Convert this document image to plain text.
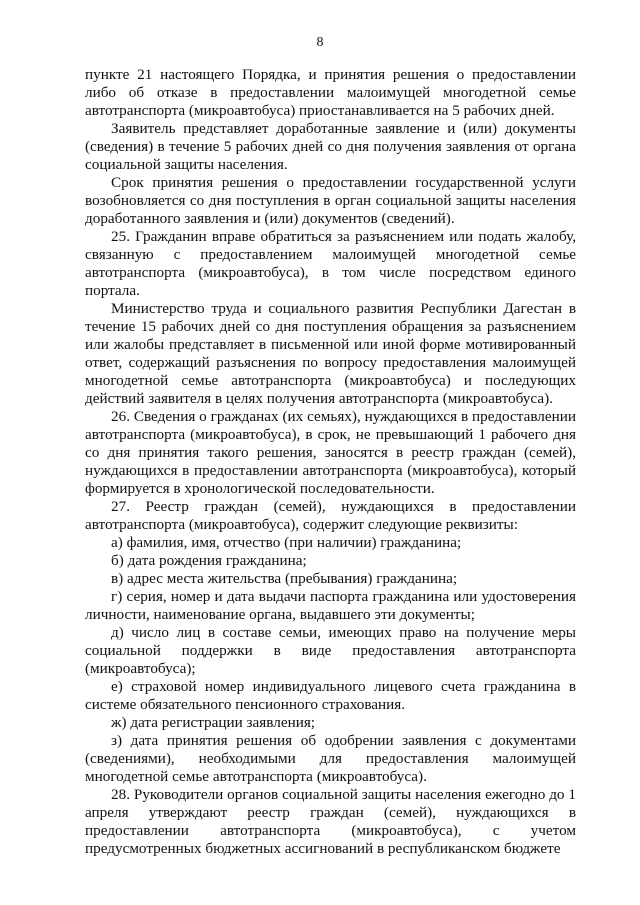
8

пункте 21 настоящего Порядка, и принятия решения о предоставлении либо об отказе в предоставлении малоимущей многодетной семье автотранспорта (микроавтобуса) приостанавливается на 5 рабочих дней.

Заявитель представляет доработанные заявление и (или) документы (сведения) в течение 5 рабочих дней со дня получения заявления от органа социальной защиты населения.

Срок принятия решения о предоставлении государственной услуги возобновляется со дня поступления в орган социальной защиты населения доработанного заявления и (или) документов (сведений).

25. Гражданин вправе обратиться за разъяснением или подать жалобу, связанную с предоставлением малоимущей многодетной семье автотранспорта (микроавтобуса), в том числе посредством единого портала.

Министерство труда и социального развития Республики Дагестан в течение 15 рабочих дней со дня поступления обращения за разъяснением или жалобы представляет в письменной или иной форме мотивированный ответ, содержащий разъяснения по вопросу предоставления малоимущей многодетной семье автотранспорта (микроавтобуса) и последующих действий заявителя в целях получения автотранспорта (микроавтобуса).

26. Сведения о гражданах (их семьях), нуждающихся в предоставлении автотранспорта (микроавтобуса), в срок, не превышающий 1 рабочего дня со дня принятия такого решения, заносятся в реестр граждан (семей), нуждающихся в предоставлении автотранспорта (микроавтобуса), который формируется в хронологической последовательности.

27. Реестр граждан (семей), нуждающихся в предоставлении автотранспорта (микроавтобуса), содержит следующие реквизиты:

а) фамилия, имя, отчество (при наличии) гражданина;

б) дата рождения гражданина;

в) адрес места жительства (пребывания) гражданина;

г) серия, номер и дата выдачи паспорта гражданина или удостоверения личности, наименование органа, выдавшего эти документы;

д) число лиц в составе семьи, имеющих право на получение меры социальной поддержки в виде предоставления автотранспорта (микроавтобуса);

е) страховой номер индивидуального лицевого счета гражданина в системе обязательного пенсионного страхования.

ж) дата регистрации заявления;

з) дата принятия решения об одобрении заявления с документами (сведениями), необходимыми для предоставления малоимущей многодетной семье автотранспорта (микроавтобуса).

28. Руководители органов социальной защиты населения ежегодно до 1 апреля утверждают реестр граждан (семей), нуждающихся в предоставлении автотранспорта (микроавтобуса), с учетом предусмотренных бюджетных ассигнований в республиканском бюджете
